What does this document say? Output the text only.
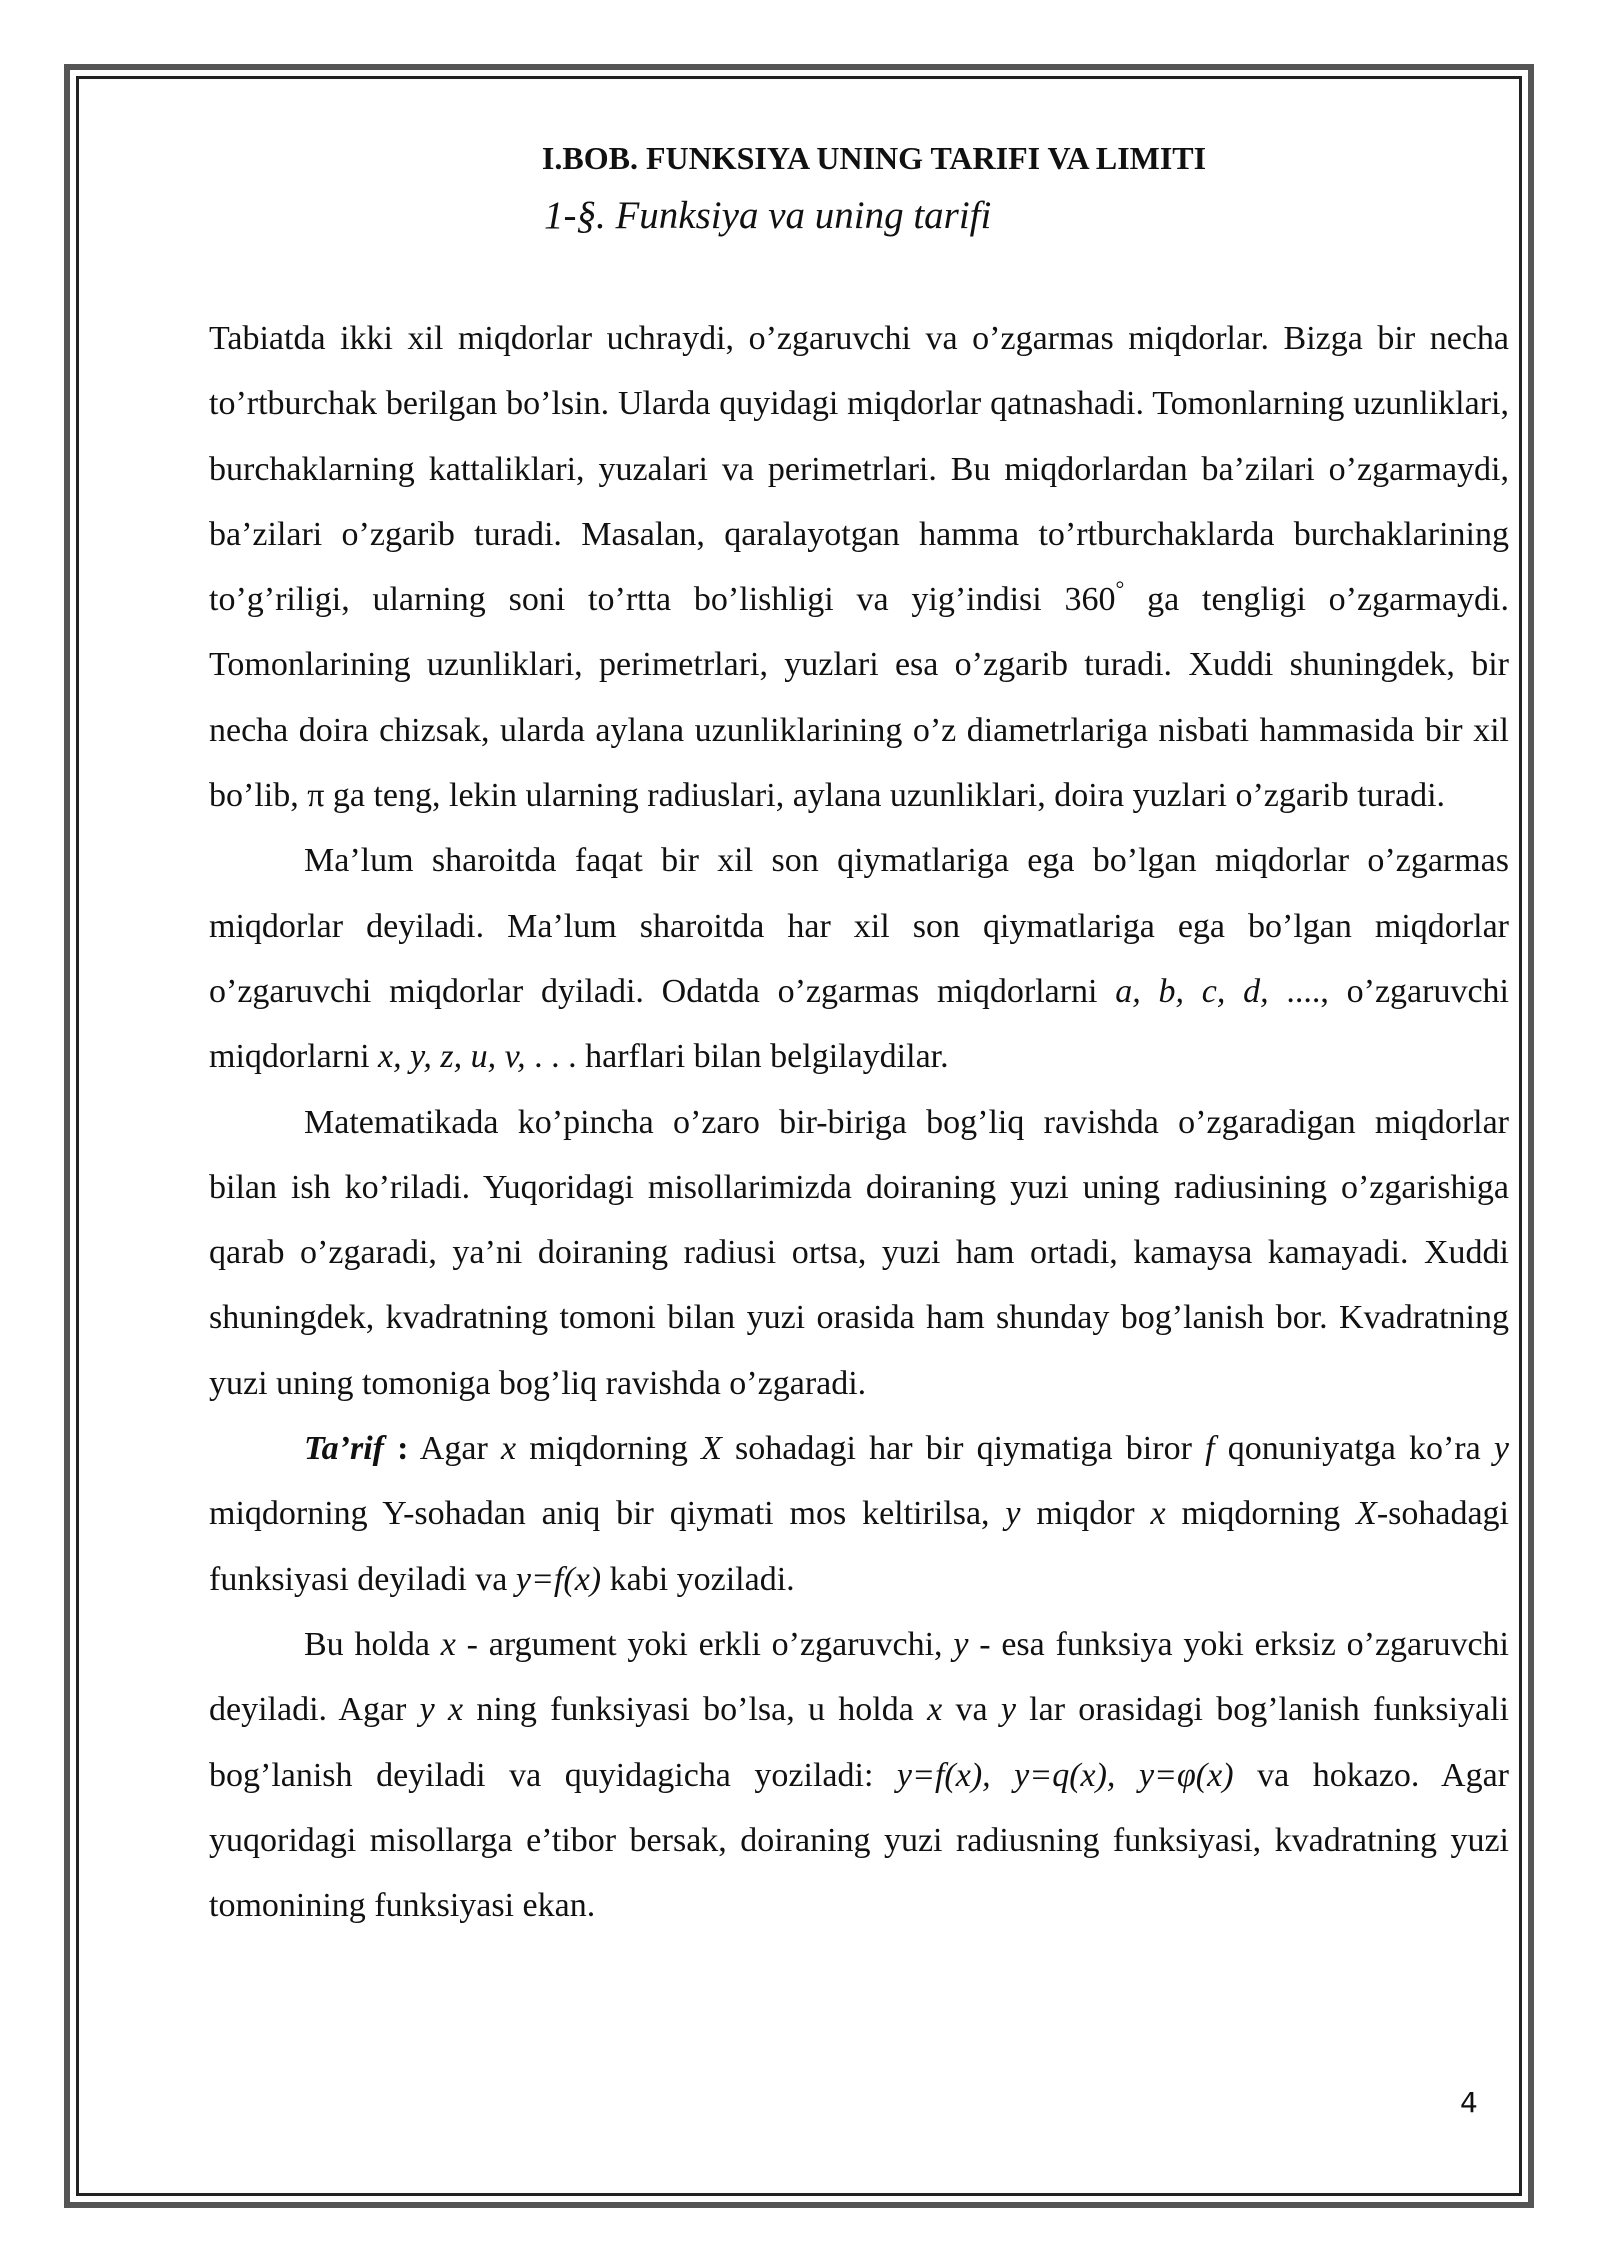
I.BOB. FUNKSIYA UNING TARIFI VA LIMITI
1-§. Funksiya va uning tarifi

Tabiatda ikki xil miqdorlar uchraydi, o’zgaruvchi va o’zgarmas miqdorlar. Bizga bir necha to’rtburchak berilgan bo’lsin. Ularda quyidagi miqdorlar qatnashadi. Tomonlarning uzunliklari, burchaklarning kattaliklari, yuzalari va perimetrlari. Bu miqdorlardan ba’zilari o’zgarmaydi, ba’zilari o’zgarib turadi. Masalan, qaralayotgan hamma to’rtburchaklarda burchaklarining to’g’riligi, ularning soni to’rtta bo’lishligi va yig’indisi 360° ga tengligi o’zgarmaydi. Tomonlarining uzunliklari, perimetrlari, yuzlari esa o’zgarib turadi. Xuddi shuningdek, bir necha doira chizsak, ularda aylana uzunliklarining o’z diametrlariga nisbati hammasida bir xil bo’lib, π ga teng, lekin ularning radiuslari, aylana uzunliklari, doira yuzlari o’zgarib turadi.

Ma’lum sharoitda faqat bir xil son qiymatlariga ega bo’lgan miqdorlar o’zgarmas miqdorlar deyiladi. Ma’lum sharoitda har xil son qiymatlariga ega bo’lgan miqdorlar o’zgaruvchi miqdorlar dyiladi. Odatda o’zgarmas miqdorlarni a, b, c, d, ...., o’zgaruvchi miqdorlarni x, y, z, u, v, . . . harflari bilan belgilaydilar.

Matematikada ko’pincha o’zaro bir-biriga bog’liq ravishda o’zgaradigan miqdorlar bilan ish ko’riladi. Yuqoridagi misollarimizda doiraning yuzi uning radiusining o’zgarishiga qarab o’zgaradi, ya’ni doiraning radiusi ortsa, yuzi ham ortadi, kamaysa kamayadi. Xuddi shuningdek, kvadratning tomoni bilan yuzi orasida ham shunday bog’lanish bor. Kvadratning yuzi uning tomoniga bog’liq ravishda o’zgaradi.

Ta’rif : Agar x miqdorning X sohadagi har bir qiymatiga biror f qonuniyatga ko’ra y miqdorning Y-sohadan aniq bir qiymati mos keltirilsa, y miqdor x miqdorning X-sohadagi funksiyasi deyiladi va y=f(x) kabi yoziladi.

Bu holda x - argument yoki erkli o’zgaruvchi, y - esa funksiya yoki erksiz o’zgaruvchi deyiladi. Agar y x ning funksiyasi bo’lsa, u holda x va y lar orasidagi bog’lanish funksiyali bog’lanish deyiladi va quyidagicha yoziladi: y=f(x), y=q(x), y=φ(x) va hokazo. Agar yuqoridagi misollarga e’tibor bersak, doiraning yuzi radiusning funksiyasi, kvadratning yuzi tomonining funksiyasi ekan.

4
